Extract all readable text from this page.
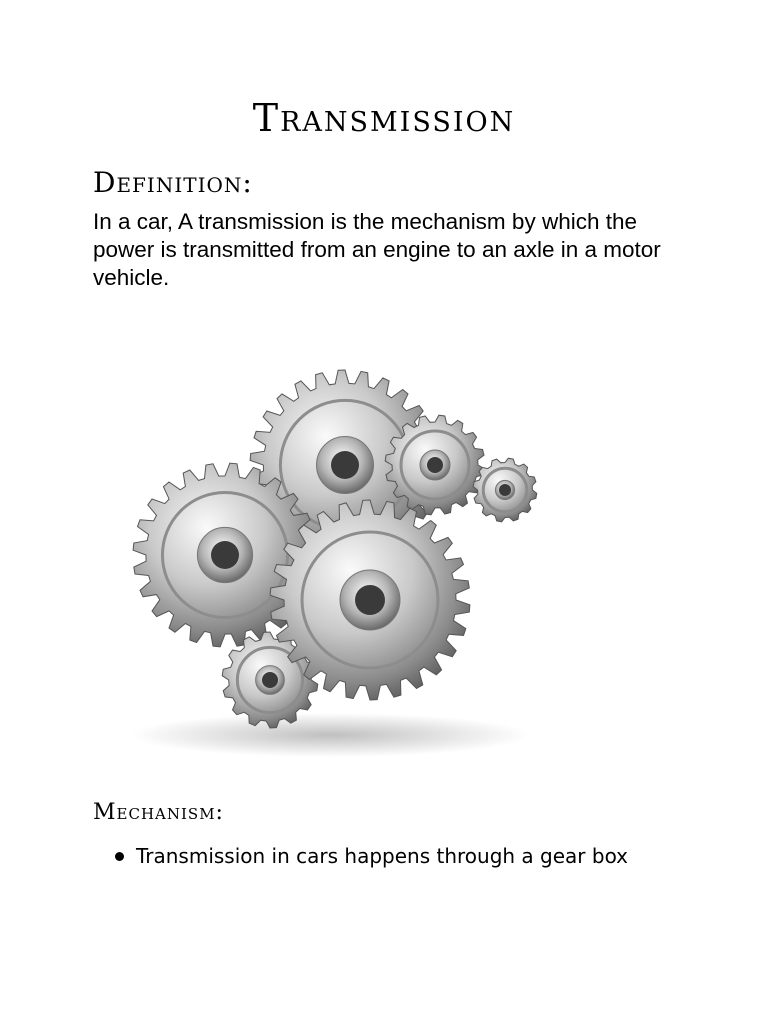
Transmission
Definition:

In a car, A transmission is the mechanism by which the power is transmitted from an engine to an axle in a motor vehicle.

Mechanism:
Transmission in cars happens through a gear box
